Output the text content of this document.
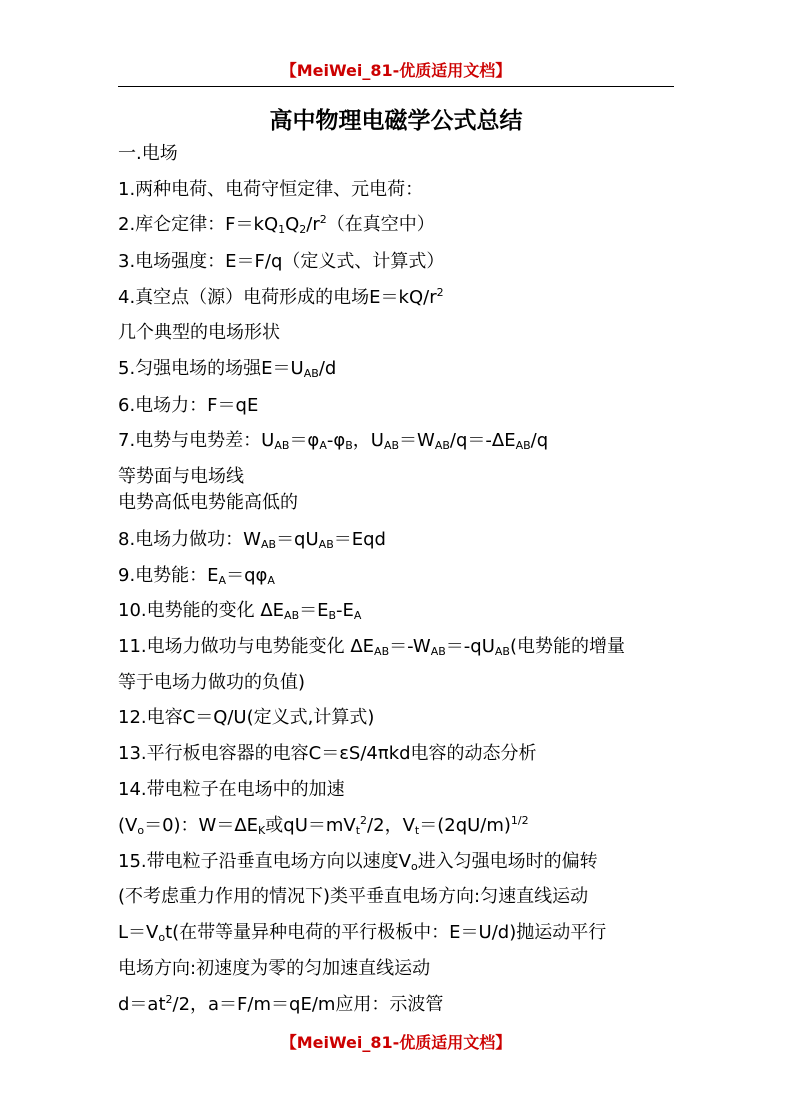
【MeiWei_81-优质适用文档】
高中物理电磁学公式总结
一.电场
1.两种电荷、电荷守恒定律、元电荷：
2.库仑定律：$F=kQ_1Q_2/r^2$（在真空中）
3.电场强度：E＝F/q（定义式、计算式）
4.真空点（源）电荷形成的电场$E=kQ/r^2$
几个典型的电场形状
5.匀强电场的场强$E=U_{AB}/d$
6.电场力：F＝qE
7.电势与电势差：$U_{AB}=\varphi_A-\varphi_B$，$U_{AB}=W_{AB}/q=-\Delta E_{AB}/q$
等势面与电场线
电势高低电势能高低的
8.电场力做功：$W_{AB}=qU_{AB}=Eqd$
9.电势能：$E_A=q\varphi_A$
10.电势能的变化 $\Delta E_{AB}=E_B-E_A$
11.电场力做功与电势能变化 $\Delta E_{AB}=-W_{AB}=-qU_{AB}$(电势能的增量
等于电场力做功的负值)
12.电容C＝Q/U(定义式,计算式)
13.平行板电容器的电容C＝εS/4πkd电容的动态分析
14.带电粒子在电场中的加速
$(V_o=0)$：$W=\Delta E_K$或$qU=mV_t^2/2$，$V_t=(2qU/m)^{1/2}$
15.带电粒子沿垂直电场方向以速度$V_o$进入匀强电场时的偏转
(不考虑重力作用的情况下)类平垂直电场方向:匀速直线运动
$L=V_ot$(在带等量异种电荷的平行极板中：E＝U/d)抛运动平行
电场方向:初速度为零的匀加速直线运动
$d=at^2/2$，a＝F/m＝qE/m应用：示波管
【MeiWei_81-优质适用文档】
